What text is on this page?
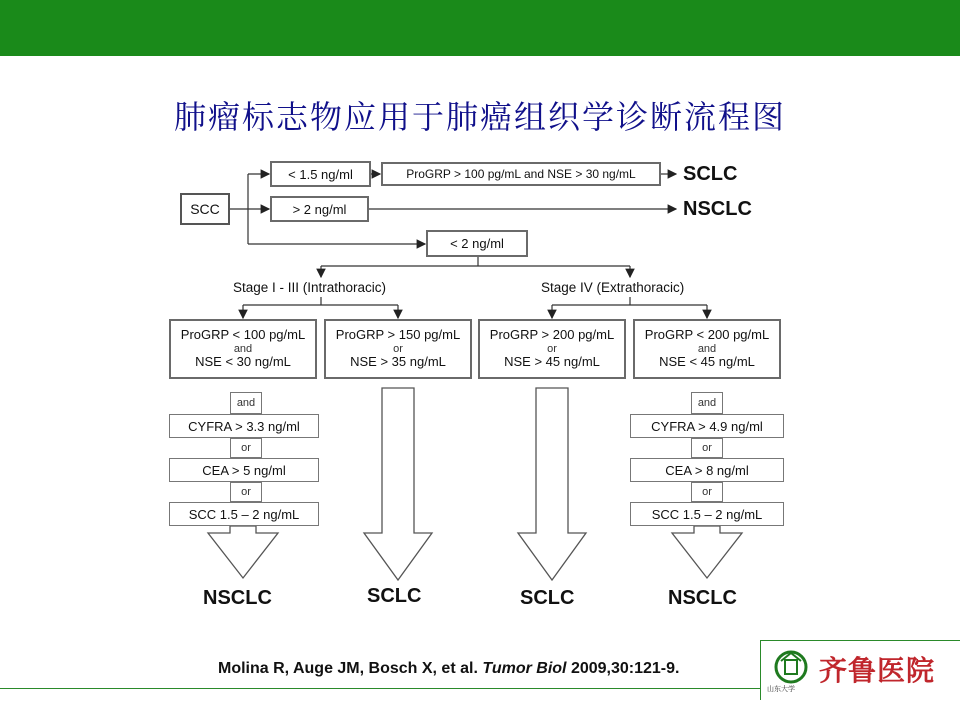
肺瘤标志物应用于肺癌组织学诊断流程图
SCC
< 1.5 ng/ml	ProGRP > 100 pg/mL and NSE > 30 ng/mL	SCLC
> 2 ng/ml	NSCLC
< 2 ng/ml
Stage I - III (Intrathoracic)	Stage IV (Extrathoracic)
ProGRP < 100 pg/mL
and
NSE < 30 ng/mL
ProGRP > 150 pg/mL
or
NSE > 35 ng/mL
ProGRP > 200 pg/mL
or
NSE > 45 ng/mL
ProGRP < 200 pg/mL
and
NSE < 45 ng/mL
and
CYFRA > 3.3 ng/ml
or
CEA > 5 ng/ml
or
SCC 1.5 – 2 ng/mL
and
CYFRA > 4.9 ng/ml
or
CEA > 8 ng/ml
or
SCC 1.5 – 2 ng/mL
NSCLC	SCLC	SCLC	NSCLC
Molina R, Auge JM, Bosch X, et al. Tumor Biol 2009,30:121-9.
山东大学
齐鲁医院
